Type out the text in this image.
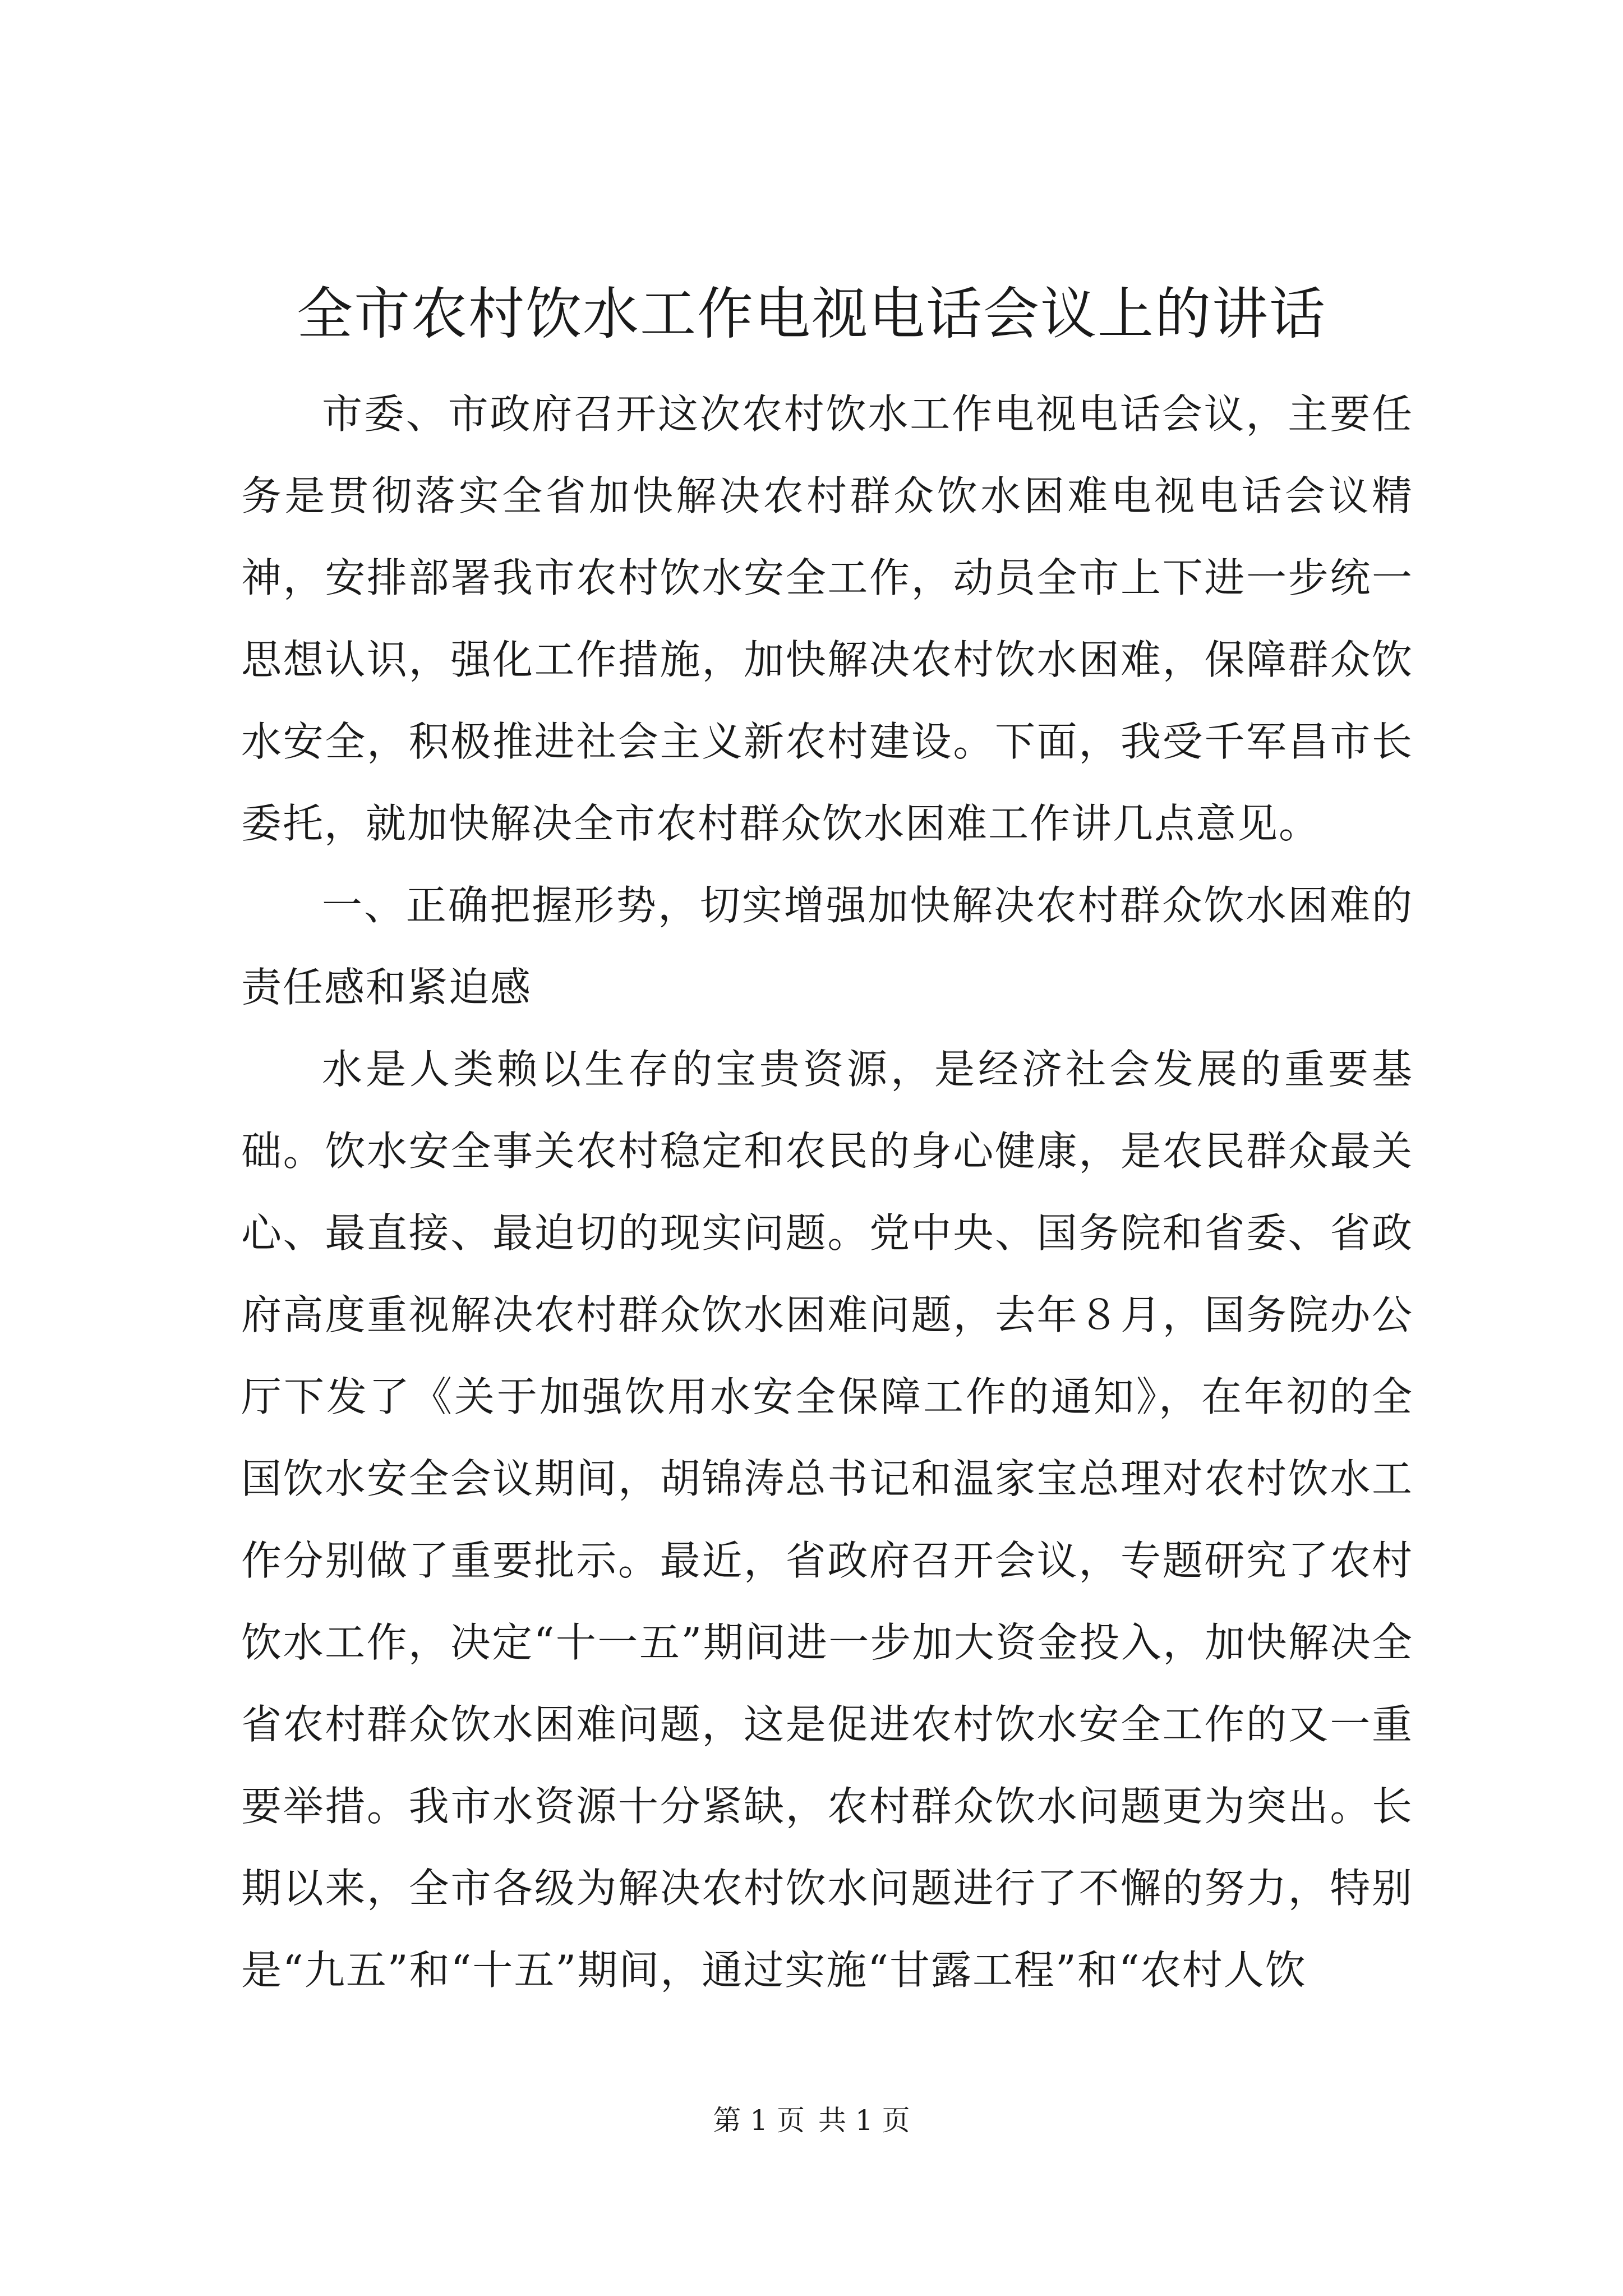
全市农村饮水工作电视电话会议上的讲话

市委、市政府召开这次农村饮水工作电视电话会议，主要任务是贯彻落实全省加快解决农村群众饮水困难电视电话会议精神，安排部署我市农村饮水安全工作，动员全市上下进一步统一思想认识，强化工作措施，加快解决农村饮水困难，保障群众饮水安全，积极推进社会主义新农村建设。下面，我受千军昌市长委托，就加快解决全市农村群众饮水困难工作讲几点意见。

一、正确把握形势，切实增强加快解决农村群众饮水困难的责任感和紧迫感

水是人类赖以生存的宝贵资源，是经济社会发展的重要基础。饮水安全事关农村稳定和农民的身心健康，是农民群众最关心、最直接、最迫切的现实问题。党中央、国务院和省委、省政府高度重视解决农村群众饮水困难问题，去年８月，国务院办公厅下发了《关于加强饮用水安全保障工作的通知》，在年初的全国饮水安全会议期间，胡锦涛总书记和温家宝总理对农村饮水工作分别做了重要批示。最近，省政府召开会议，专题研究了农村饮水工作，决定“十一五”期间进一步加大资金投入，加快解决全省农村群众饮水困难问题，这是促进农村饮水安全工作的又一重要举措。我市水资源十分紧缺，农村群众饮水问题更为突出。长期以来，全市各级为解决农村饮水问题进行了不懈的努力，特别是“九五”和“十五”期间，通过实施“甘露工程”和“农村人饮

第 1 页 共 1 页
